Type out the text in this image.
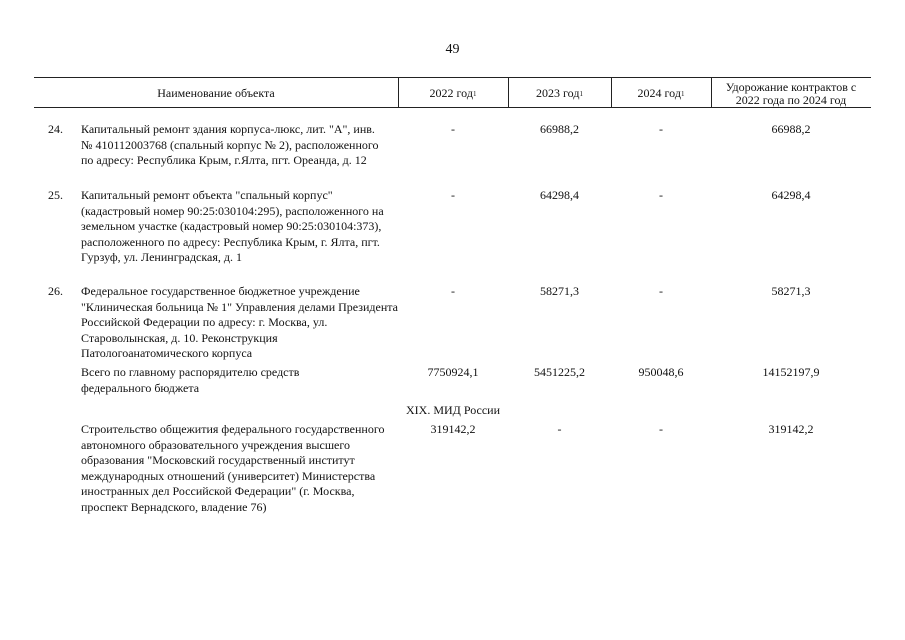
49
Наименование объекта	2022 год 1	2023 год 1	2024 год 1	Удорожание контрактов с 2022 года по 2024 год
24. Капитальный ремонт здания корпуса-люкс, лит. "А", инв. № 410112003768 (спальный корпус № 2), расположенного по адресу: Республика Крым, г.Ялта, пгт. Ореанда, д. 12
-	66988,2	-	66988,2
25. Капитальный ремонт объекта "спальный корпус" (кадастровый номер 90:25:030104:295), расположенного на земельном участке (кадастровый номер 90:25:030104:373), расположенного по адресу: Республика Крым, г. Ялта, пгт. Гурзуф, ул. Ленинградская, д. 1
-	64298,4	-	64298,4
26. Федеральное государственное бюджетное учреждение "Клиническая больница № 1" Управления делами Президента Российской Федерации по адресу: г. Москва, ул. Староволынская, д. 10. Реконструкция Патологоанатомического корпуса
-	58271,3	-	58271,3
Всего по главному распорядителю средств федерального бюджета
7750924,1	5451225,2	950048,6	14152197,9
XIX. МИД России
Строительство общежития федерального государственного автономного образовательного учреждения высшего образования "Московский государственный институт международных отношений (университет) Министерства иностранных дел Российской Федерации" (г. Москва, проспект Вернадского, владение 76)
319142,2	-	-	319142,2
